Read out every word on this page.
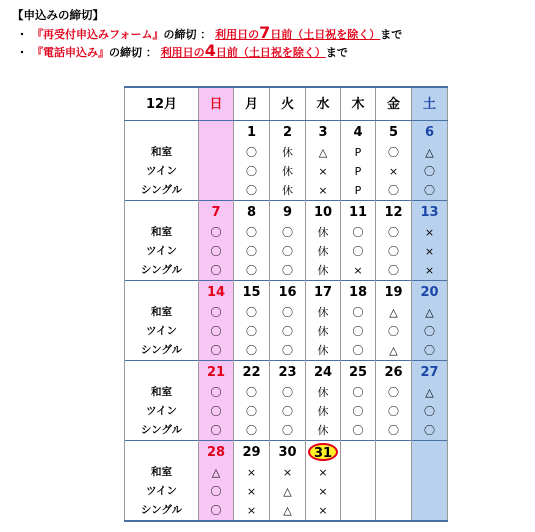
【申込みの締切】
・ 『再受付申込みフォーム』の締切 ： 利用日の7日前（土日祝を除く）まで
・ 『電話申込み』の締切 ： 利用日の4日前（土日祝を除く）まで
12月	日	月	火	水	木	金	土
		1	2	3	4	5	6
和室		〇	休	△	P	〇	△
ツイン		〇	休	×	P	×	〇
シングル		〇	休	×	P	〇	〇
	7	8	9	10	11	12	13
和室	〇	〇	〇	休	〇	〇	×
ツイン	〇	〇	〇	休	〇	〇	×
シングル	〇	〇	〇	休	×	〇	×
	14	15	16	17	18	19	20
和室	〇	〇	〇	休	〇	△	△
ツイン	〇	〇	〇	休	〇	〇	〇
シングル	〇	〇	〇	休	〇	△	〇
	21	22	23	24	25	26	27
和室	〇	〇	〇	休	〇	〇	△
ツイン	〇	〇	〇	休	〇	〇	〇
シングル	〇	〇	〇	休	〇	〇	〇
	28	29	30	31			
和室	△	×	×	×			
ツイン	〇	×	△	×			
シングル	〇	×	△	×			
